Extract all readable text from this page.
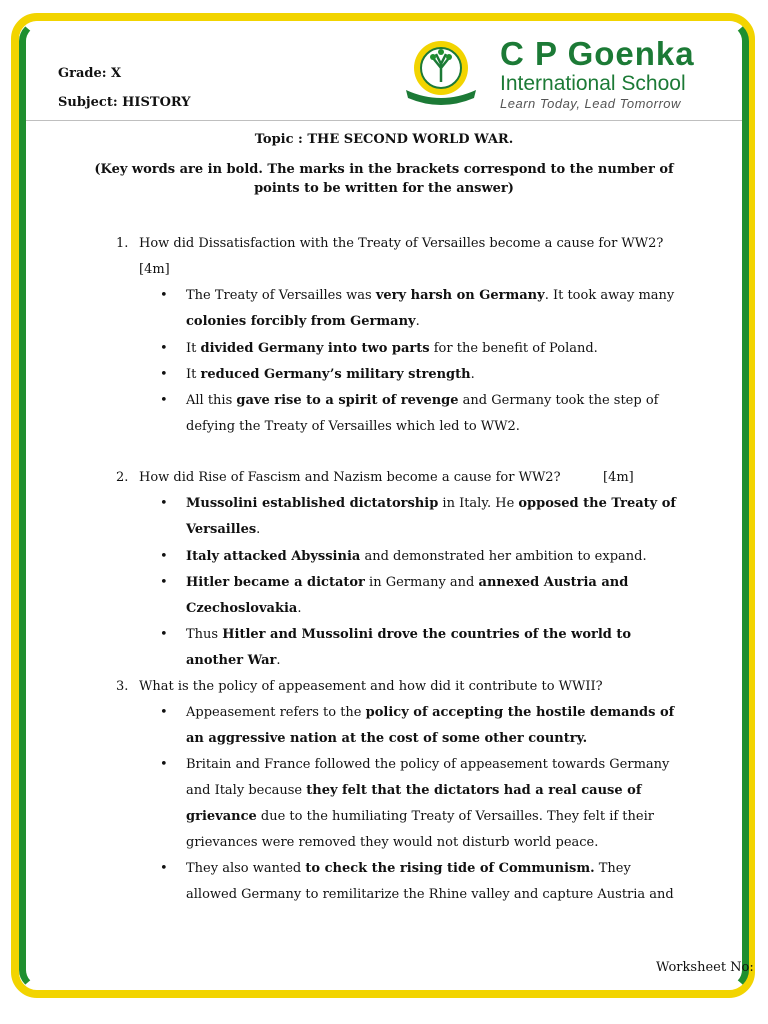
Grade: X
Subject: HISTORY
C P Goenka
International School
Learn Today, Lead Tomorrow
Topic : THE SECOND WORLD WAR.
(Key words are in bold. The marks in the brackets correspond to the number of points to be written for the answer)
1. How did Dissatisfaction with the Treaty of Versailles become a cause for WW2?
[4m]
• The Treaty of Versailles was very harsh on Germany. It took away many colonies forcibly from Germany.
• It divided Germany into two parts for the benefit of Poland.
• It reduced Germany’s military strength.
• All this gave rise to a spirit of revenge and Germany took the step of defying the Treaty of Versailles which led to WW2.
2. How did Rise of Fascism and Nazism become a cause for WW2?	[4m]
• Mussolini established dictatorship in Italy. He opposed the Treaty of Versailles.
• Italy attacked Abyssinia and demonstrated her ambition to expand.
• Hitler became a dictator in Germany and annexed Austria and Czechoslovakia.
• Thus Hitler and Mussolini drove the countries of the world to another War.
3. What is the policy of appeasement and how did it contribute to WWII?
• Appeasement refers to the policy of accepting the hostile demands of an aggressive nation at the cost of some other country.
• Britain and France followed the policy of appeasement towards Germany and Italy because they felt that the dictators had a real cause of grievance due to the humiliating Treaty of Versailles. They felt if their grievances were removed they would not disturb world peace.
• They also wanted to check the rising tide of Communism. They allowed Germany to remilitarize the Rhine valley and capture Austria and
Worksheet No:
